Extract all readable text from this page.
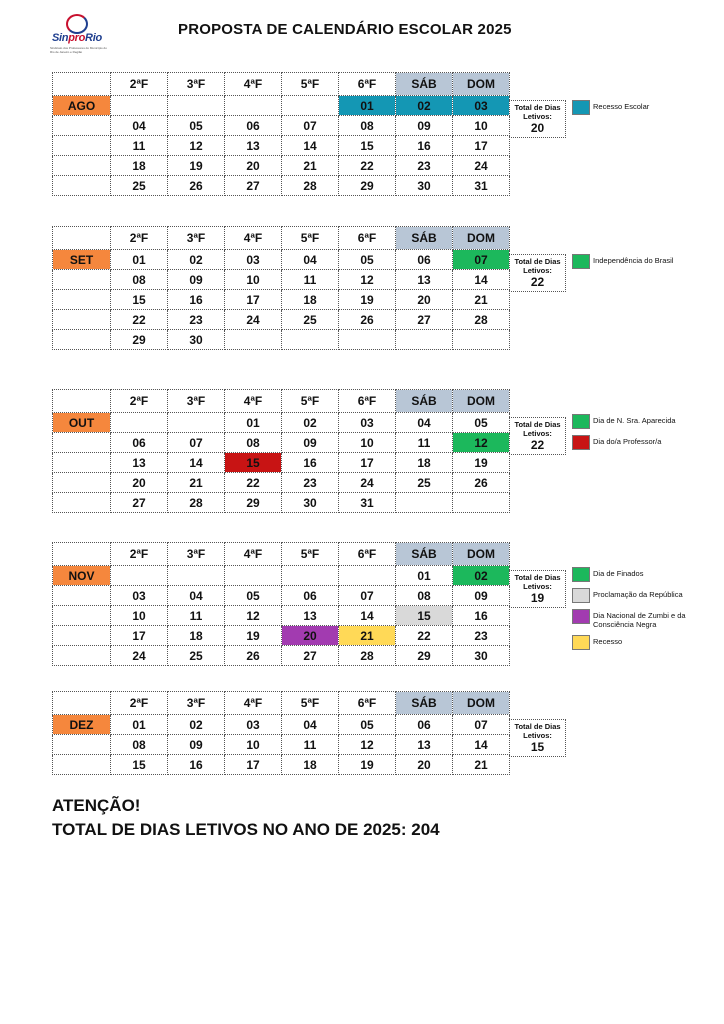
SinproRio
Sindicato dos Professores do Município do Rio de Janeiro e Região
PROPOSTA DE CALENDÁRIO ESCOLAR 2025
	2ªF	3ªF	4ªF	5ªF	6ªF	SÁB	DOM
AGO					01	02	03
	04	05	06	07	08	09	10
	11	12	13	14	15	16	17
	18	19	20	21	22	23	24
	25	26	27	28	29	30	31
Total de Dias Letivos:
20
Recesso Escolar
	2ªF	3ªF	4ªF	5ªF	6ªF	SÁB	DOM
SET	01	02	03	04	05	06	07
	08	09	10	11	12	13	14
	15	16	17	18	19	20	21
	22	23	24	25	26	27	28
	29	30					
Total de Dias Letivos:
22
Independência do Brasil
	2ªF	3ªF	4ªF	5ªF	6ªF	SÁB	DOM
OUT			01	02	03	04	05
	06	07	08	09	10	11	12
	13	14	15	16	17	18	19
	20	21	22	23	24	25	26
	27	28	29	30	31		
Total de Dias Letivos:
22
Dia de N. Sra. Aparecida
Dia do/a Professor/a
	2ªF	3ªF	4ªF	5ªF	6ªF	SÁB	DOM
NOV						01	02
	03	04	05	06	07	08	09
	10	11	12	13	14	15	16
	17	18	19	20	21	22	23
	24	25	26	27	28	29	30
Total de Dias Letivos:
19
Dia de Finados
Proclamação da República
Dia Nacional de Zumbi e da Consciência Negra
Recesso
	2ªF	3ªF	4ªF	5ªF	6ªF	SÁB	DOM
DEZ	01	02	03	04	05	06	07
	08	09	10	11	12	13	14
	15	16	17	18	19	20	21
Total de Dias Letivos:
15
ATENÇÃO!
TOTAL DE DIAS LETIVOS NO ANO DE 2025: 204
